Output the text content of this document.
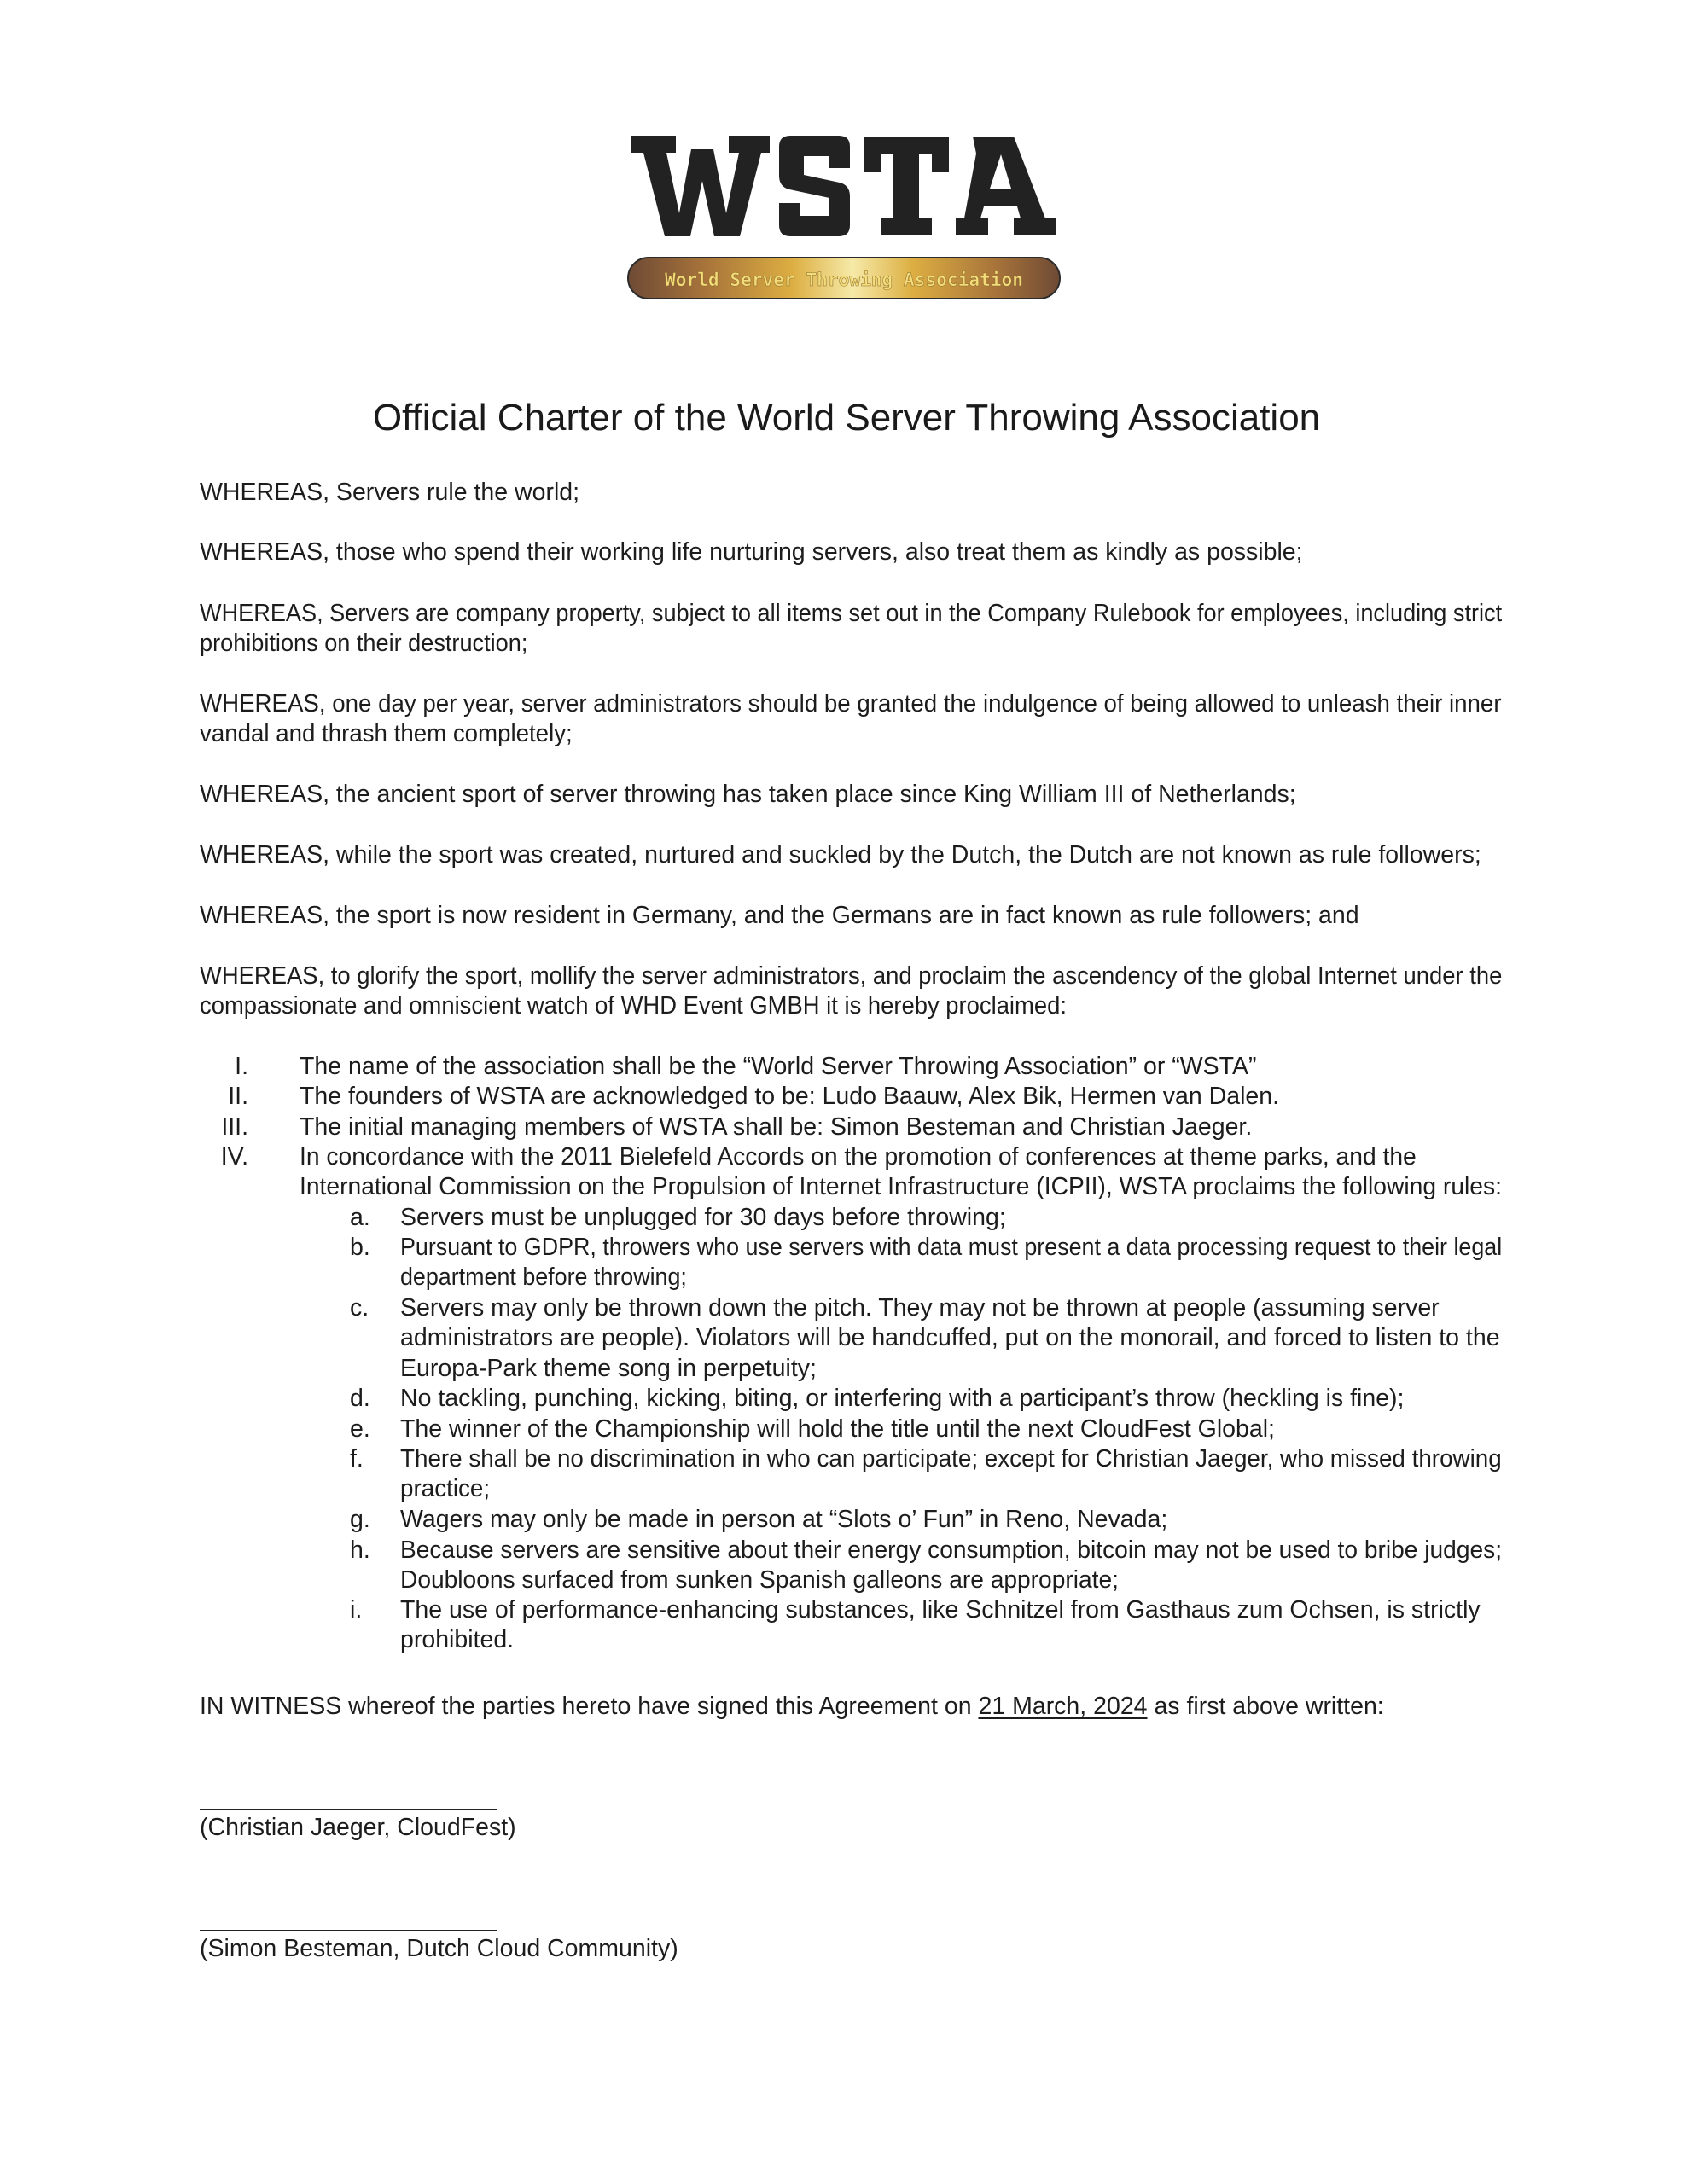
World Server Throwing Association
Official Charter of the World Server Throwing Association
WHEREAS, Servers rule the world;
WHEREAS, those who spend their working life nurturing servers, also treat them as kindly as possible;
WHEREAS, Servers are company property, subject to all items set out in the Company Rulebook for employees, including strict
prohibitions on their destruction;
WHEREAS, one day per year, server administrators should be granted the indulgence of being allowed to unleash their inner
vandal and thrash them completely;
WHEREAS, the ancient sport of server throwing has taken place since King William III of Netherlands;
WHEREAS, while the sport was created, nurtured and suckled by the Dutch, the Dutch are not known as rule followers;
WHEREAS, the sport is now resident in Germany, and the Germans are in fact known as rule followers; and
WHEREAS, to glorify the sport, mollify the server administrators, and proclaim the ascendency of the global Internet under the
compassionate and omniscient watch of WHD Event GMBH it is hereby proclaimed:
I. The name of the association shall be the “World Server Throwing Association” or “WSTA”
II. The founders of WSTA are acknowledged to be: Ludo Baauw, Alex Bik, Hermen van Dalen.
III. The initial managing members of WSTA shall be: Simon Besteman and Christian Jaeger.
IV. In concordance with the 2011 Bielefeld Accords on the promotion of conferences at theme parks, and the
International Commission on the Propulsion of Internet Infrastructure (ICPII), WSTA proclaims the following rules:
a. Servers must be unplugged for 30 days before throwing;
b. Pursuant to GDPR, throwers who use servers with data must present a data processing request to their legal
department before throwing;
c. Servers may only be thrown down the pitch. They may not be thrown at people (assuming server
administrators are people). Violators will be handcuffed, put on the monorail, and forced to listen to the
Europa-Park theme song in perpetuity;
d. No tackling, punching, kicking, biting, or interfering with a participant’s throw (heckling is fine);
e. The winner of the Championship will hold the title until the next CloudFest Global;
f. There shall be no discrimination in who can participate; except for Christian Jaeger, who missed throwing
practice;
g. Wagers may only be made in person at “Slots o’ Fun” in Reno, Nevada;
h. Because servers are sensitive about their energy consumption, bitcoin may not be used to bribe judges;
Doubloons surfaced from sunken Spanish galleons are appropriate;
i. The use of performance-enhancing substances, like Schnitzel from Gasthaus zum Ochsen, is strictly
prohibited.
IN WITNESS whereof the parties hereto have signed this Agreement on 21 March, 2024 as first above written:
(Christian Jaeger, CloudFest)
(Simon Besteman, Dutch Cloud Community)
